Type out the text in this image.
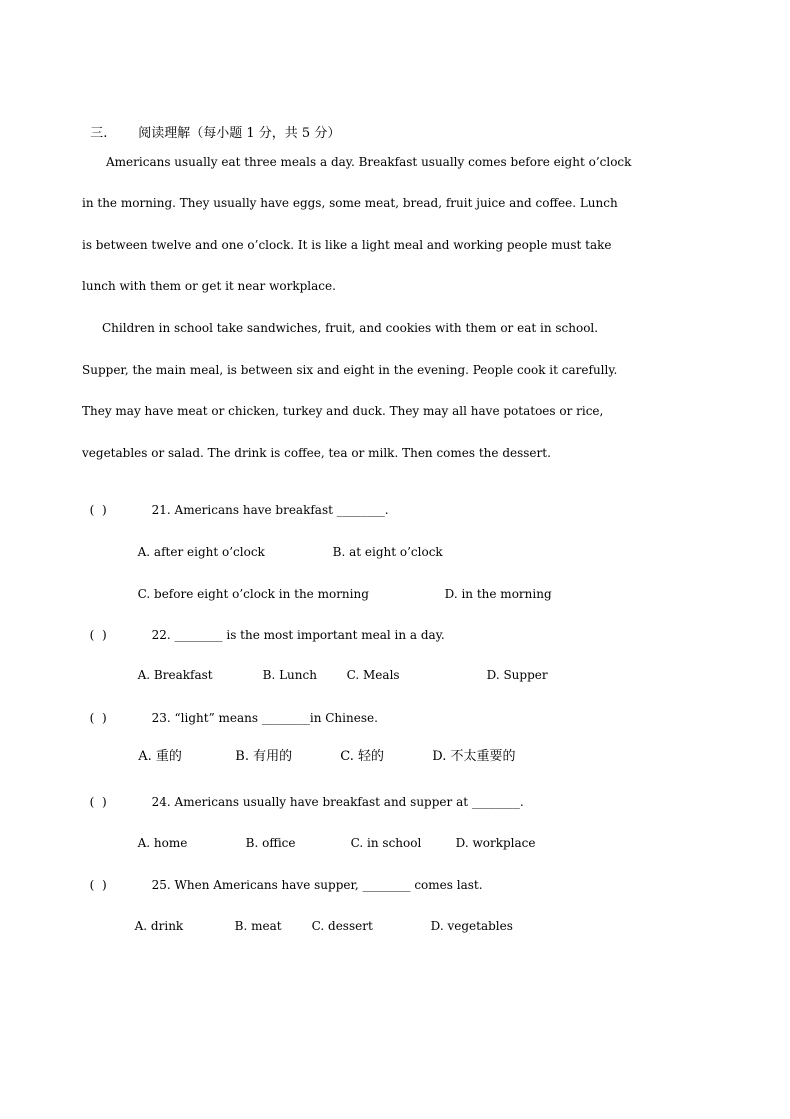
三. 阅读理解（每小题 1 分，共 5 分）

Americans usually eat three meals a day. Breakfast usually comes before eight o’clock
in the morning. They usually have eggs, some meat, bread, fruit juice and coffee. Lunch
is between twelve and one o’clock. It is like a light meal and working people must take
lunch with them or get it near workplace.
Children in school take sandwiches, fruit, and cookies with them or eat in school.
Supper, the main meal, is between six and eight in the evening. People cook it carefully.
They may have meat or chicken, turkey and duck. They may all have potatoes or rice,
vegetables or salad. The drink is coffee, tea or milk. Then comes the dessert.

(  )	21. Americans have breakfast ________.

A. after eight o’clock	B. at eight o’clock

C. before eight o’clock in the morning	D. in the morning

(  )	22. ________ is the most important meal in a day.

A. Breakfast	B. Lunch C. Meals	D. Supper

(  )	23. “light” means ________in Chinese.

A. 重的	B. 有用的	C. 轻的	D. 不太重要的

(  )	24. Americans usually have breakfast and supper at ________.

A. home	B. office	C. in school	D. workplace

(  )	25. When Americans have supper, ________ comes last.

A. drink	B. meat	C. dessert	D. vegetables
